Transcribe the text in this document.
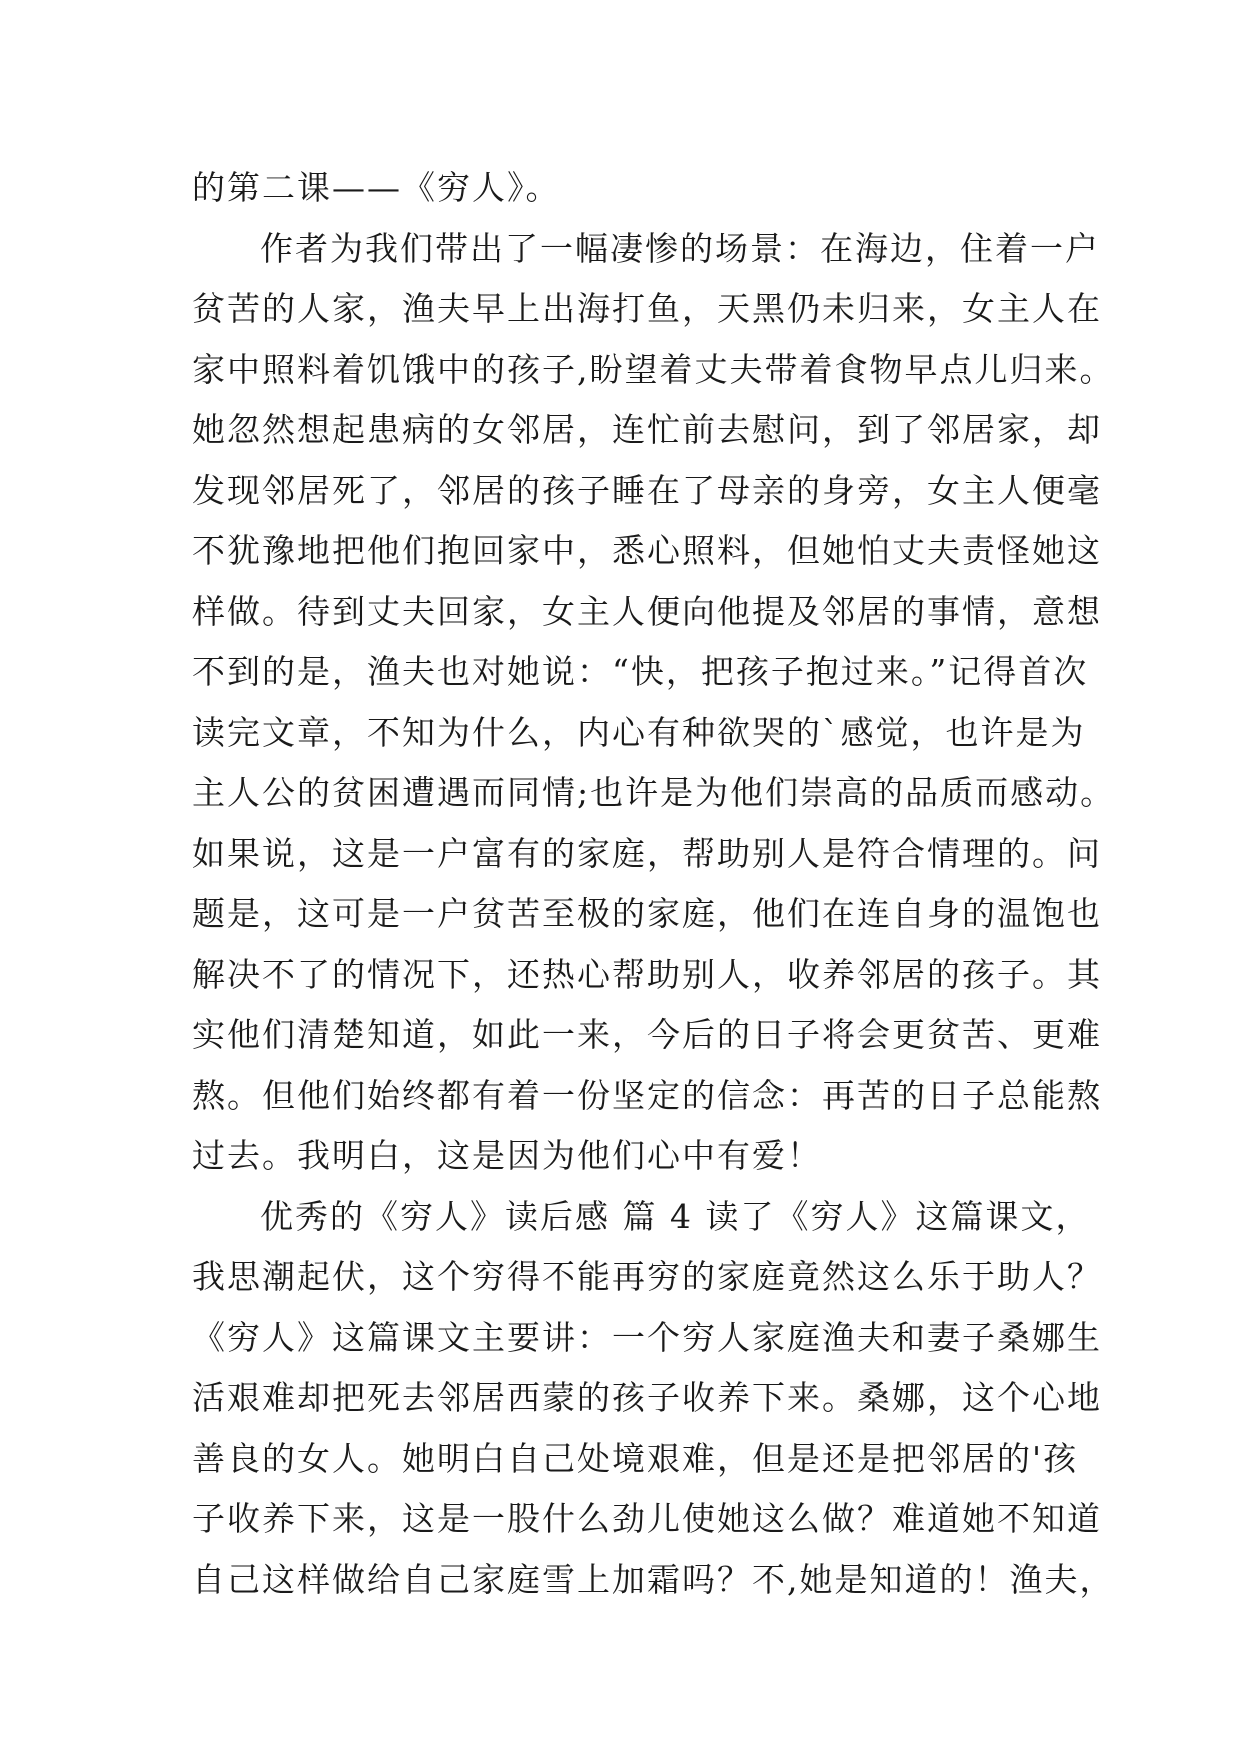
的第二课——《穷人》。
作者为我们带出了一幅凄惨的场景：在海边，住着一户
贫苦的人家，渔夫早上出海打鱼，天黑仍未归来，女主人在
家中照料着饥饿中的孩子,盼望着丈夫带着食物早点儿归来。
她忽然想起患病的女邻居，连忙前去慰问，到了邻居家，却
发现邻居死了，邻居的孩子睡在了母亲的身旁，女主人便毫
不犹豫地把他们抱回家中，悉心照料，但她怕丈夫责怪她这
样做。待到丈夫回家，女主人便向他提及邻居的事情，意想
不到的是，渔夫也对她说：“快，把孩子抱过来。”记得首次
读完文章，不知为什么，内心有种欲哭的`感觉，也许是为
主人公的贫困遭遇而同情;也许是为他们崇高的品质而感动。
如果说，这是一户富有的家庭，帮助别人是符合情理的。问
题是，这可是一户贫苦至极的家庭，他们在连自身的温饱也
解决不了的情况下，还热心帮助别人，收养邻居的孩子。其
实他们清楚知道，如此一来，今后的日子将会更贫苦、更难
熬。但他们始终都有着一份坚定的信念：再苦的日子总能熬
过去。我明白，这是因为他们心中有爱！
优秀的《穷人》读后感 篇 4 读了《穷人》这篇课文，
我思潮起伏，这个穷得不能再穷的家庭竟然这么乐于助人？
《穷人》这篇课文主要讲：一个穷人家庭渔夫和妻子桑娜生
活艰难却把死去邻居西蒙的孩子收养下来。桑娜，这个心地
善良的女人。她明白自己处境艰难，但是还是把邻居的'孩
子收养下来，这是一股什么劲儿使她这么做？难道她不知道
自己这样做给自己家庭雪上加霜吗？不,她是知道的！渔夫，
